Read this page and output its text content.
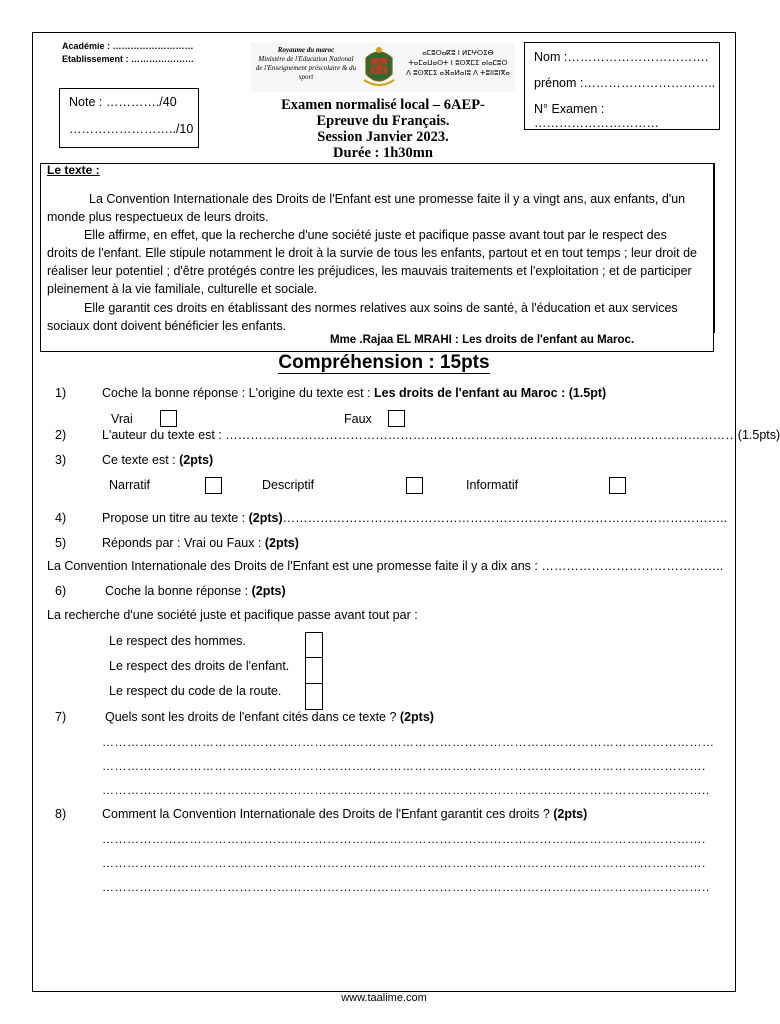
Académie : ………………………
Etablissement : …………………
Note : …………./40
……………………../10
Royaume du maroc
Ministère de l'Education National
de l'Enseignement préscolaire & du sport
ⴰⵎⵓⵔⴰⴽⵓ ⵏ ⵍⵎⵖⵔⵉⴱ
ⵜⴰⵎⴰⵡⴰⵙⵜ ⵏ ⵓⵙⴳⵎⵉ ⴰⵏⴰⵎⵓⵔ
ⴷ ⵓⵙⴳⵎⵉ ⴰⴼⴰⵍⴰⵏⵓ ⴷ ⵜⵓⵏⵏⵓⵏⴳⴰ
Examen normalisé local – 6AEP-
Epreuve du Français.
Session Janvier 2023.
Durée : 1h30mn
Nom :…………………………….
prénom :…………………………..
N° Examen : …………………………
Le texte :
La Convention Internationale des Droits de l'Enfant est une promesse faite il y a vingt ans, aux enfants, d'un monde plus respectueux de leurs droits.
Elle affirme, en effet, que la recherche d'une société juste et pacifique passe avant tout par le respect des droits de l'enfant. Elle stipule notamment le droit à la survie de tous les enfants, partout et en tout temps ; leur droit de réaliser leur potentiel ; d'être protégés contre les préjudices, les mauvais traitements et l'exploitation ; et de participer pleinement à la vie familiale, culturelle et sociale.
Elle garantit ces droits en établissant des normes relatives aux soins de santé, à l'éducation et aux services sociaux dont doivent bénéficier les enfants.
Mme .Rajaa EL MRAHI : Les droits de l'enfant au Maroc.
Compréhension : 15pts
1)	Coche la bonne réponse : L'origine du texte est : Les droits de l'enfant au Maroc : (1.5pt)
Vrai	Faux
2)	L'auteur du texte est : ……………………………………………………………………………………………………………(1.5pts)
3)	Ce texte est : (2pts)
Narratif	Descriptif	Informatif
4)	Propose un titre au texte : (2pts)……………………………………………………………………………………………..
5)	Réponds par : Vrai ou Faux : (2pts)
La Convention Internationale des Droits de l'Enfant est une promesse faite il y a dix ans : ……………………………………..
6)	Coche la bonne réponse : (2pts)
La recherche d'une société juste et pacifique passe avant tout par :
Le respect des hommes.
Le respect des droits de l'enfant.
Le respect du code de la route.
7)	Quels sont les droits de l'enfant cités dans ce texte ? (2pts)
…………………………………………………………………………………………………………………………………
……………………………………………………………………………………………………………………………….
………………………………………………………………………………………………………………………………..
8)	Comment la Convention Internationale des Droits de l'Enfant garantit ces droits ? (2pts)
……………………………………………………………………………………………………………………………….
……………………………………………………………………………………………………………………………….
………………………………………………………………………………………………………………………………..
www.taalime.com
